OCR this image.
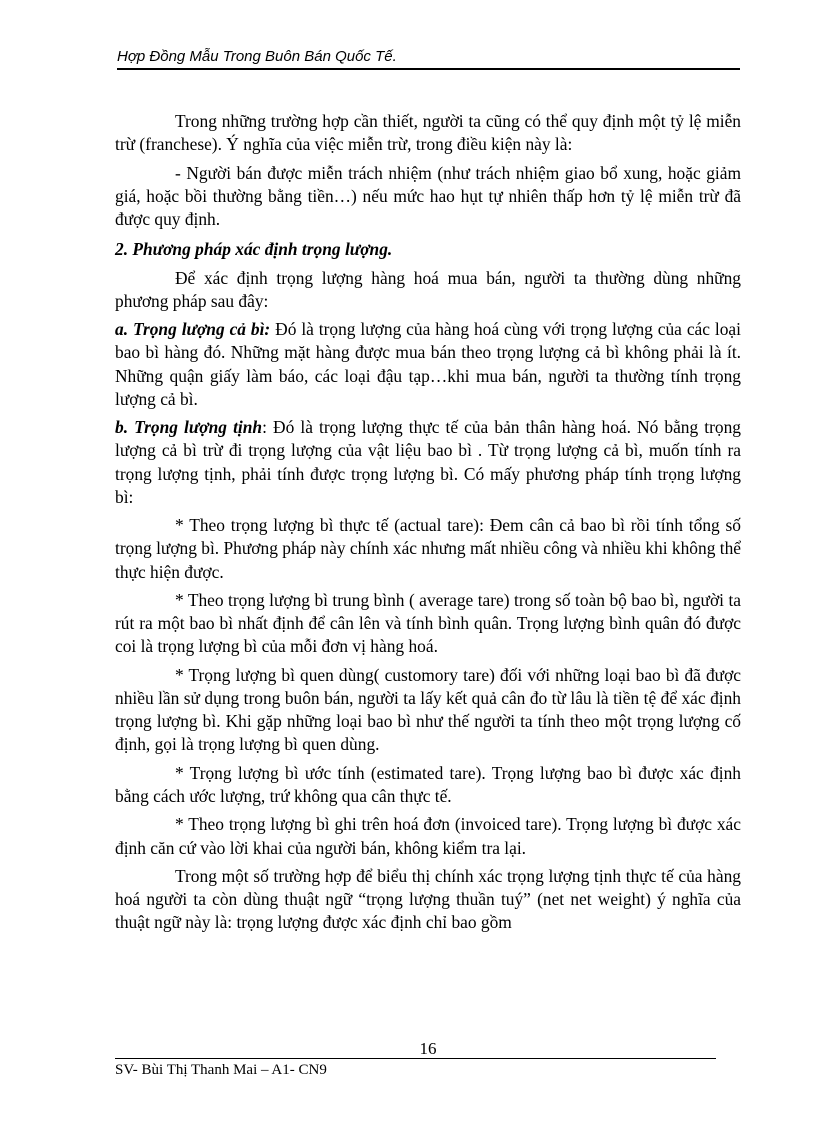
Hợp Đồng Mẫu Trong Buôn Bán Quốc Tế.

Trong những trường hợp cần thiết, người ta cũng có thể quy định một tỷ lệ miễn trừ (franchese). Ý nghĩa của việc miễn trừ, trong điều kiện này là:

- Người bán được miễn trách nhiệm (như trách nhiệm giao bổ xung, hoặc giảm giá, hoặc bồi thường bằng tiền…) nếu mức hao hụt tự nhiên thấp hơn tỷ lệ miễn trừ đã được quy định.

2. Phương pháp xác định trọng lượng.

Để xác định trọng lượng hàng hoá mua bán, người ta thường dùng những phương pháp sau đây:

a. Trọng lượng cả bì: Đó là trọng lượng của hàng hoá cùng với trọng lượng của các loại bao bì hàng đó. Những mặt hàng được mua bán theo trọng lượng cả bì không phải là ít. Những quận giấy làm báo, các loại đậu tạp…khi mua bán, người ta thường tính trọng lượng cả bì.

b. Trọng lượng tịnh: Đó là trọng lượng thực tế của bản thân hàng hoá. Nó bằng trọng lượng cả bì trừ đi trọng lượng của vật liệu bao bì . Từ trọng lượng cả bì, muốn tính ra trọng lượng tịnh, phải tính được trọng lượng bì. Có mấy phương pháp tính trọng lượng bì:

* Theo trọng lượng bì thực tế (actual tare): Đem cân cả bao bì rồi tính tổng số trọng lượng bì. Phương pháp này chính xác nhưng mất nhiều công và nhiều khi không thể thực hiện được.

* Theo trọng lượng bì trung bình ( average tare) trong số toàn bộ bao bì, người ta rút ra một bao bì nhất định để cân lên và tính bình quân. Trọng lượng bình quân đó được coi là trọng lượng bì của mỗi đơn vị hàng hoá.

* Trọng lượng bì quen dùng( customory tare) đối với những loại bao bì đã được nhiều lần sử dụng trong buôn bán, người ta lấy kết quả cân đo từ lâu là tiền tệ để xác định trọng lượng bì. Khi gặp những loại bao bì như thế người ta tính theo một trọng lượng cố định, gọi là trọng lượng bì quen dùng.

* Trọng lượng bì ước tính (estimated tare). Trọng lượng bao bì được xác định bằng cách ước lượng, trứ không qua cân thực tế.

* Theo trọng lượng bì ghi trên hoá đơn (invoiced tare). Trọng lượng bì được xác định căn cứ vào lời khai của người bán, không kiểm tra lại.

Trong một số trường hợp để biểu thị chính xác trọng lượng tịnh thực tế của hàng hoá người ta còn dùng thuật ngữ “trọng lượng thuần tuý” (net net weight) ý nghĩa của thuật ngữ này là: trọng lượng được xác định chỉ bao gồm

16
SV- Bùi Thị Thanh Mai – A1- CN9
